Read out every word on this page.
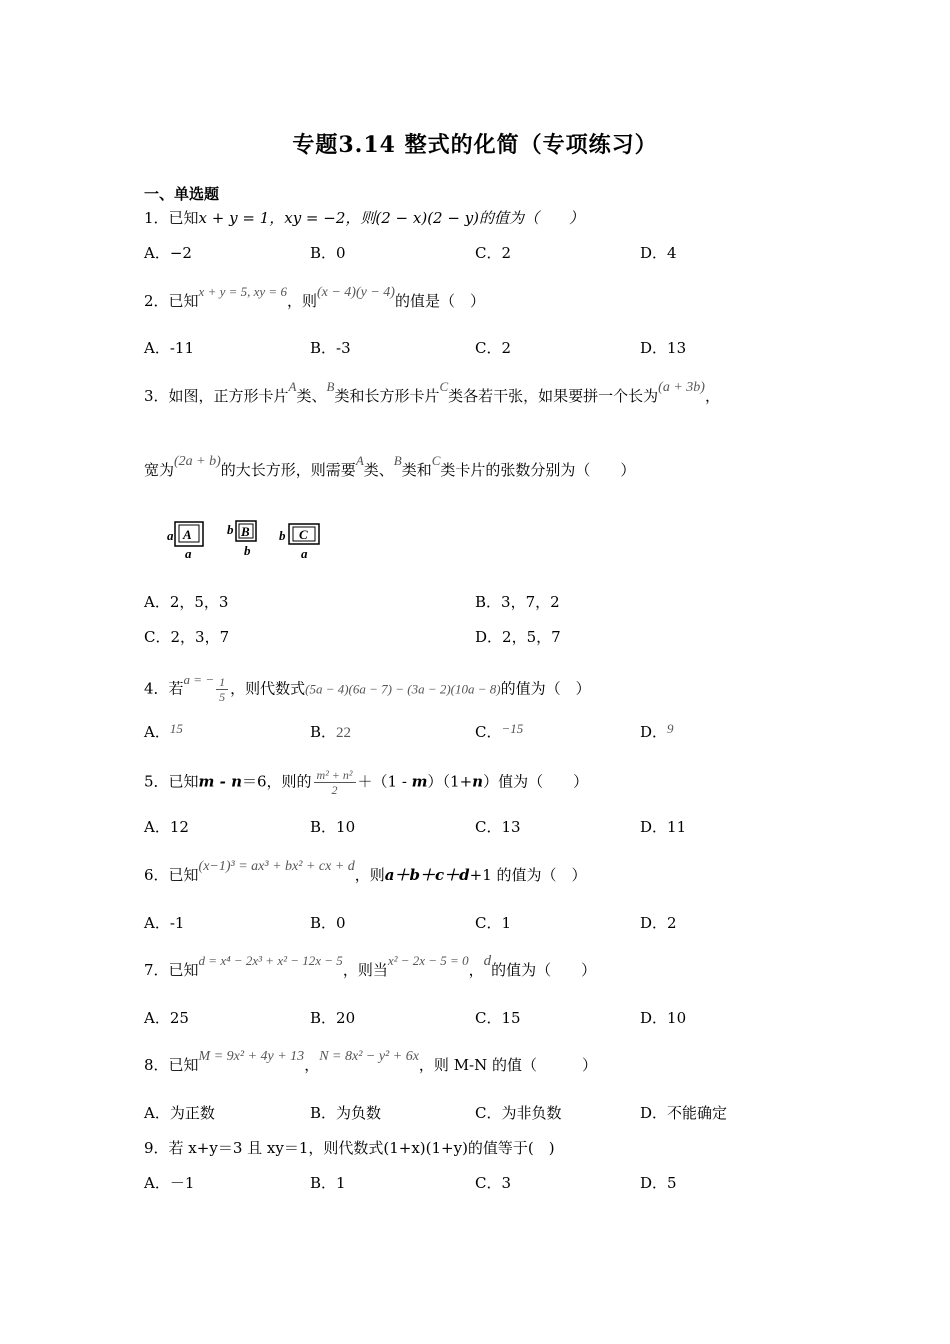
专题3.14 整式的化简（专项练习）
一、单选题
1．已知𝑥 + 𝑦 = 1，𝑥𝑦 = −2，则(2 − 𝑥)(2 − 𝑦)的值为（　　）
A．−2	B．0	C．2	D．4
2．已知x + y = 5, xy = 6，则(x − 4)(y − 4)的值是（　）
A．-11	B．-3	C．2	D．13
3．如图，正方形卡片A类、B类和长方形卡片C类各若干张，如果要拼一个长为(a + 3b)，
宽为(2a + b)的大长方形，则需要A类、B类和C类卡片的张数分别为（　　）
a A
a
b B
b
b C
a
A．2，5，3	B．3，7，2
C．2，3，7	D．2，5，7
4．若a = − $\frac{1}{5}$ ，则代数式(5a − 4)(6a − 7) − (3a − 2)(10a − 8)的值为（　）
A．15	B．22	C．−15	D．9
5．已知m - n＝6，则的 $\frac{\text{m² + n²}}{2} +(1 - m)(1+n)$值为（　　）
A．12	B．10	C．13	D．11
6．已知(x−1)³ = ax³ + bx² + cx + d，则a＋b＋c＋d+1 的值为（　）
A．-1	B．0	C．1	D．2
7．已知d = x⁴ − 2x³ + x² − 12x − 5，则当x² − 2x − 5 = 0，d的值为（　　）
A．25	B．20	C．15	D．10
8．已知M = 9x² + 4y + 13，N = 8x² − y² + 6x，则 M-N 的值（　　　）
A．为正数	B．为负数	C．为非负数	D．不能确定
9．若 x+y＝3 且 xy＝1，则代数式(1+x)(1+y)的值等于(　)
A．－1	B．1	C．3	D．5
